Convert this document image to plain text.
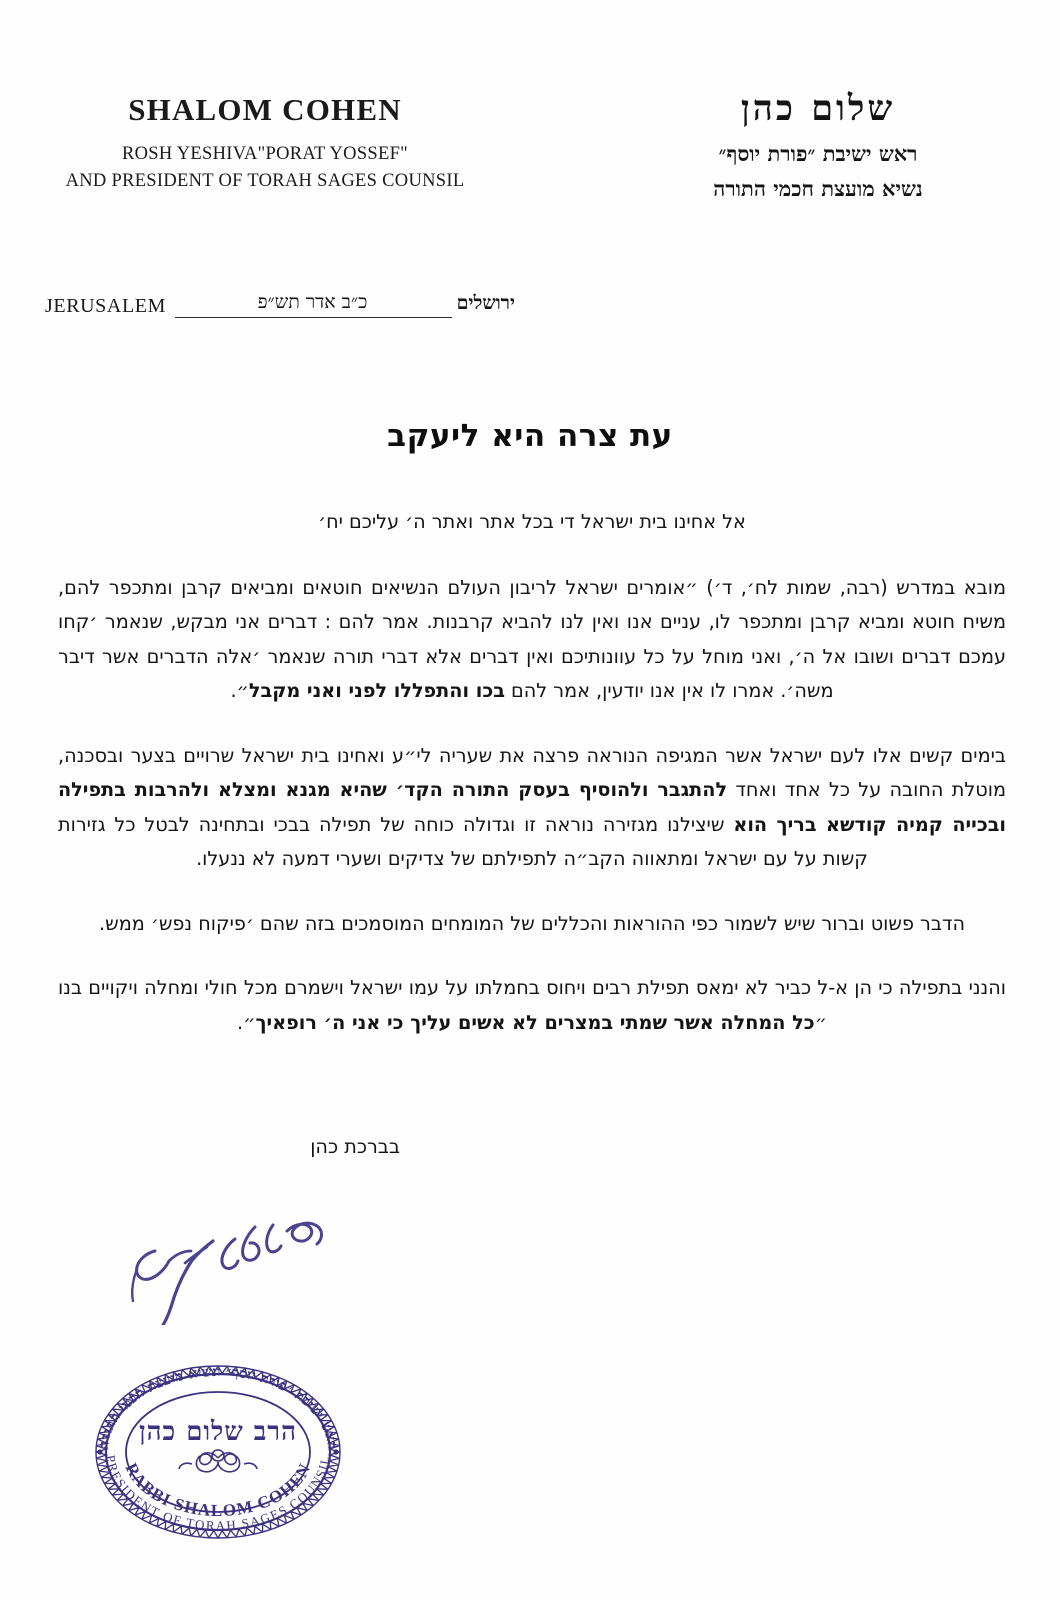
SHALOM COHEN
ROSH YESHIVA"PORAT YOSSEF"
AND PRESIDENT OF TORAH SAGES COUNSIL
שלום כהן
ראש ישיבת ״פורת יוסף״
נשיא מועצת חכמי התורה
JERUSALEM	ירושלים
כ״ב אדר תש״פ
עת צרה היא ליעקב
אל אחינו בית ישראל די בכל אתר ואתר ה׳ עליכם יח׳

מובא במדרש (רבה, שמות לח׳, ד׳) ״אומרים ישראל לריבון העולם הנשיאים חוטאים ומביאים קרבן ומתכפר להם, משיח חוטא ומביא קרבן ומתכפר לו, עניים אנו ואין לנו להביא קרבנות. אמר להם : דברים אני מבקש, שנאמר ׳קחו עמכם דברים ושובו אל ה׳, ואני מוחל על כל עוונותיכם ואין דברים אלא דברי תורה שנאמר ׳אלה הדברים אשר דיבר משה׳. אמרו לו אין אנו יודעין, אמר להם בכו והתפללו לפני ואני מקבל״.

בימים קשים אלו לעם ישראל אשר המגיפה הנוראה פרצה את שעריה לי״ע ואחינו בית ישראל שרויים בצער ובסכנה, מוטלת החובה על כל אחד ואחד להתגבר ולהוסיף בעסק התורה הקד׳ שהיא מגנא ומצלא ולהרבות בתפילה ובכייה קמיה קודשא בריך הוא שיצילנו מגזירה נוראה זו וגדולה כוחה של תפילה בבכי ובתחינה לבטל כל גזירות קשות על עם ישראל ומתאווה הקב״ה לתפילתם של צדיקים ושערי דמעה לא ננעלו.

הדבר פשוט וברור שיש לשמור כפי ההוראות והכללים של המומחים המוסמכים בזה שהם ׳פיקוח נפש׳ ממש.

והנני בתפילה כי הן א-ל כביר לא ימאס תפילת רבים ויחוס בחמלתו על עמו ישראל וישמרם מכל חולי ומחלה ויקויים בנו ״כל המחלה אשר שמתי במצרים לא אשים עליך כי אני ה׳ רופאיך״.

בברכת כהן
ראש ישיבת ״פורת יוסף״ ונשיא מועצת חכמי התורה
הרב שלום כהן
RABBI SHALOM COHEN
PRESIDENT OF TORAH SAGES COUNSIL
